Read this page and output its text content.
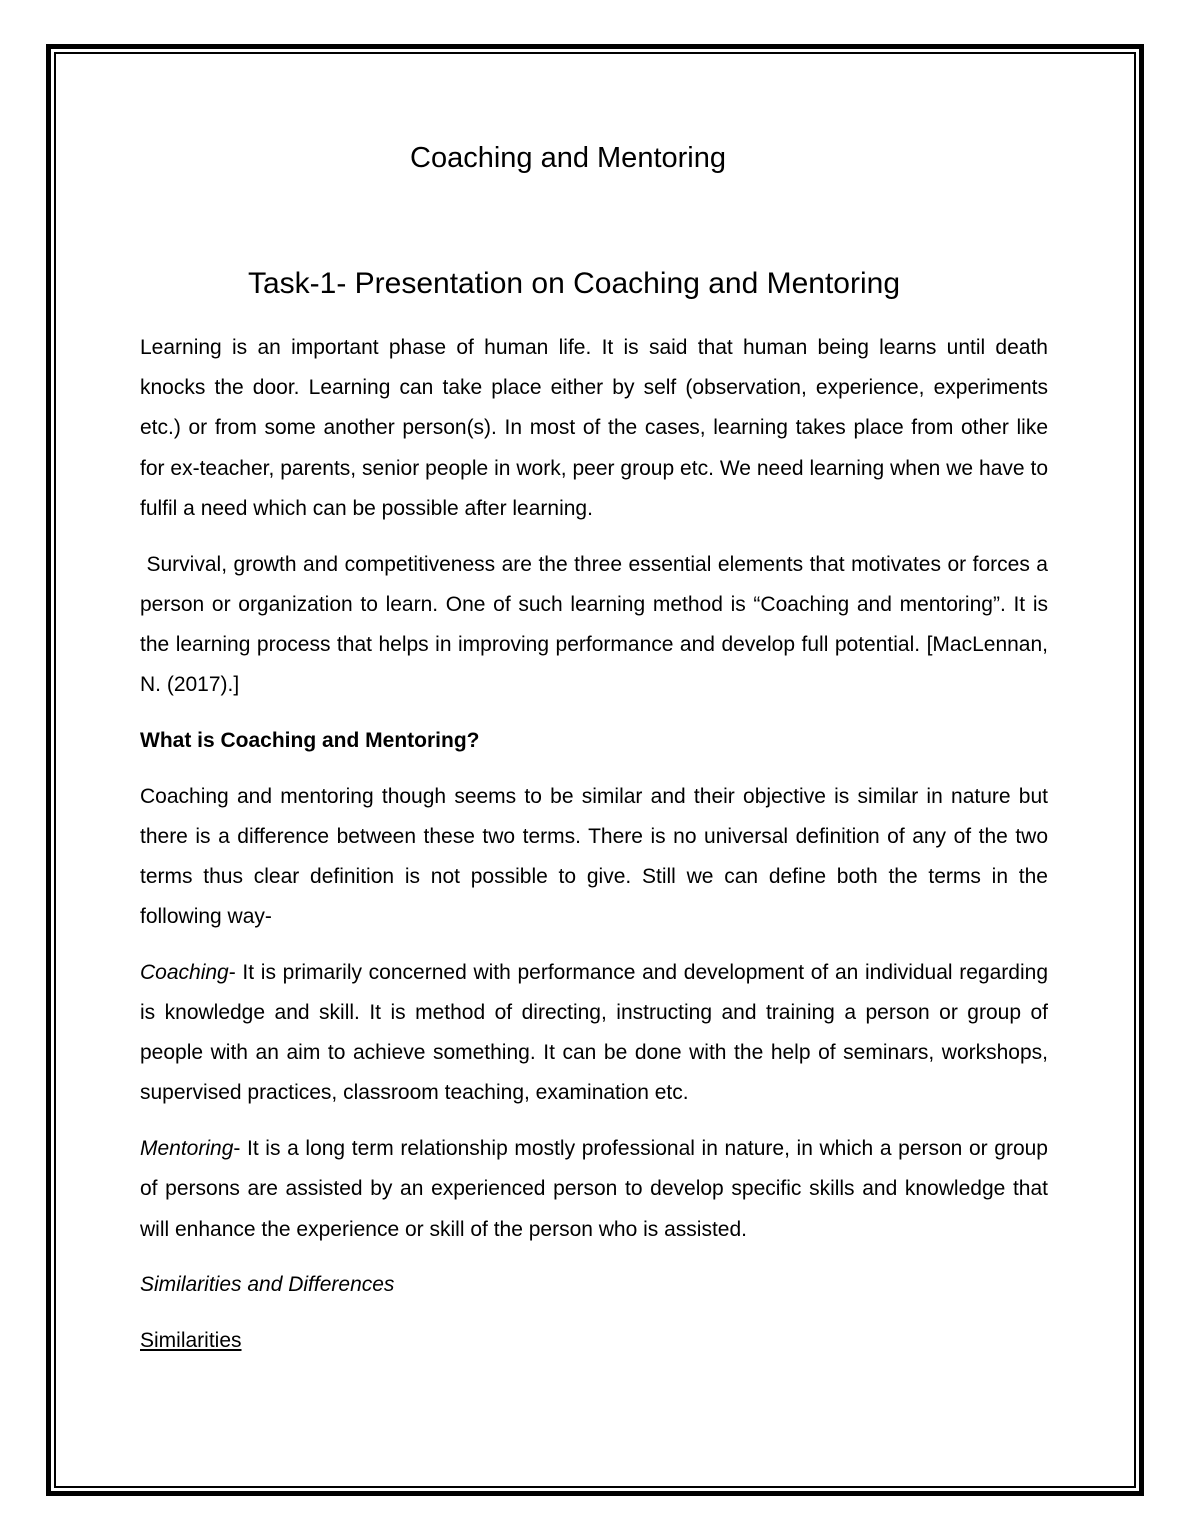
Coaching and Mentoring
Task-1- Presentation on Coaching and Mentoring

Learning is an important phase of human life. It is said that human being learns until death knocks the door. Learning can take place either by self (observation, experience, experiments etc.) or from some another person(s). In most of the cases, learning takes place from other like for ex-teacher, parents, senior people in work, peer group etc. We need learning when we have to fulfil a need which can be possible after learning.

Survival, growth and competitiveness are the three essential elements that motivates or forces a person or organization to learn. One of such learning method is “Coaching and mentoring”. It is the learning process that helps in improving performance and develop full potential. [MacLennan, N. (2017).]

What is Coaching and Mentoring?

Coaching and mentoring though seems to be similar and their objective is similar in nature but there is a difference between these two terms. There is no universal definition of any of the two terms thus clear definition is not possible to give. Still we can define both the terms in the following way-

Coaching- It is primarily concerned with performance and development of an individual regarding is knowledge and skill. It is method of directing, instructing and training a person or group of people with an aim to achieve something. It can be done with the help of seminars, workshops, supervised practices, classroom teaching, examination etc.

Mentoring- It is a long term relationship mostly professional in nature, in which a person or group of persons are assisted by an experienced person to develop specific skills and knowledge that will enhance the experience or skill of the person who is assisted.

Similarities and Differences

Similarities
